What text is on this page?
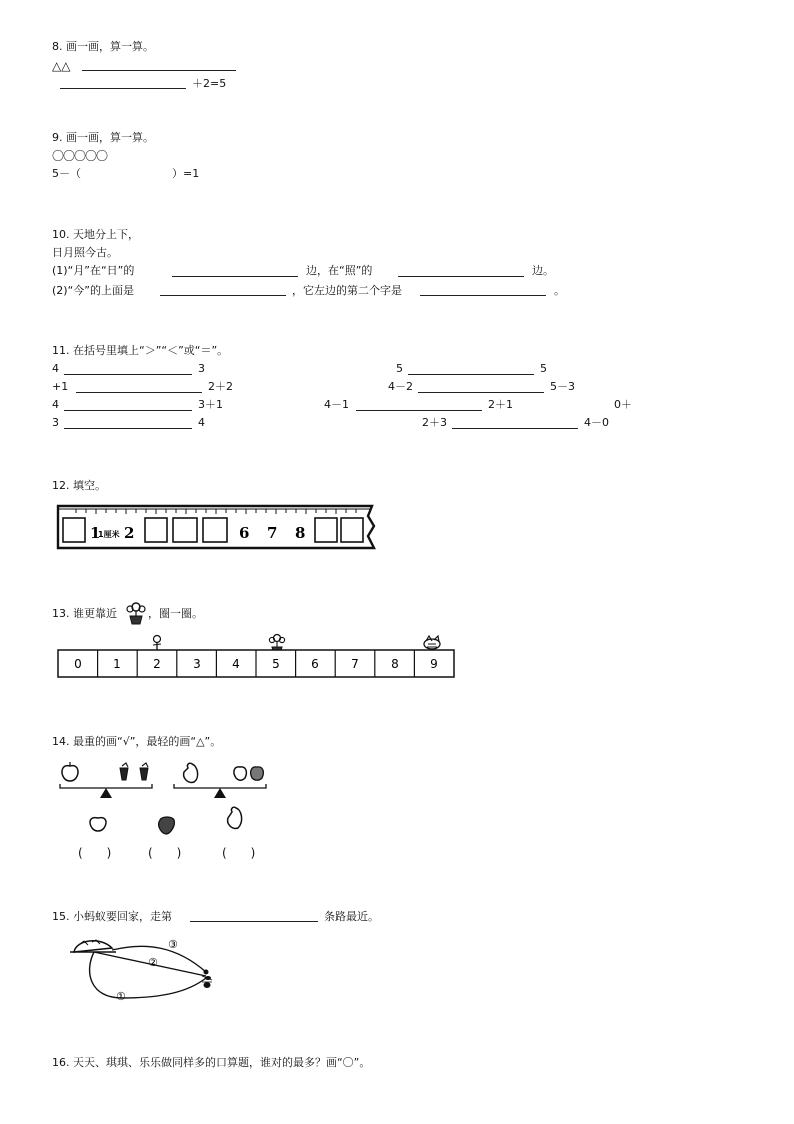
8. 画一画，算一算。
△△
＋2=5
9. 画一画，算一算。
〇〇〇〇〇
5－（	）=1
10. 天地分上下，
日月照今古。
(1)“月”在“日”的	边，在“照”的	边。
(2)“今”的上面是	，它左边的第二个字是	。
11. 在括号里填上“＞”“＜”或“＝”。
4	3	5	5
+1	2＋2	4－2	5－3
4	3＋1	4－1	2＋1	0＋
3	4	2＋3	4－0
12. 填空。
1
1厘米 2	6 7 8
13. 谁更靠近	，圈一圈。
0	1	2	3	4	5	6	7	8	9
14. 最重的画“√”，最轻的画“△”。
(　　)	(　　)	(　　)
15. 小蚂蚁要回家，走第	条路最近。
①
②
③
16. 天天、琪琪、乐乐做同样多的口算题，谁对的最多？画“〇”。
